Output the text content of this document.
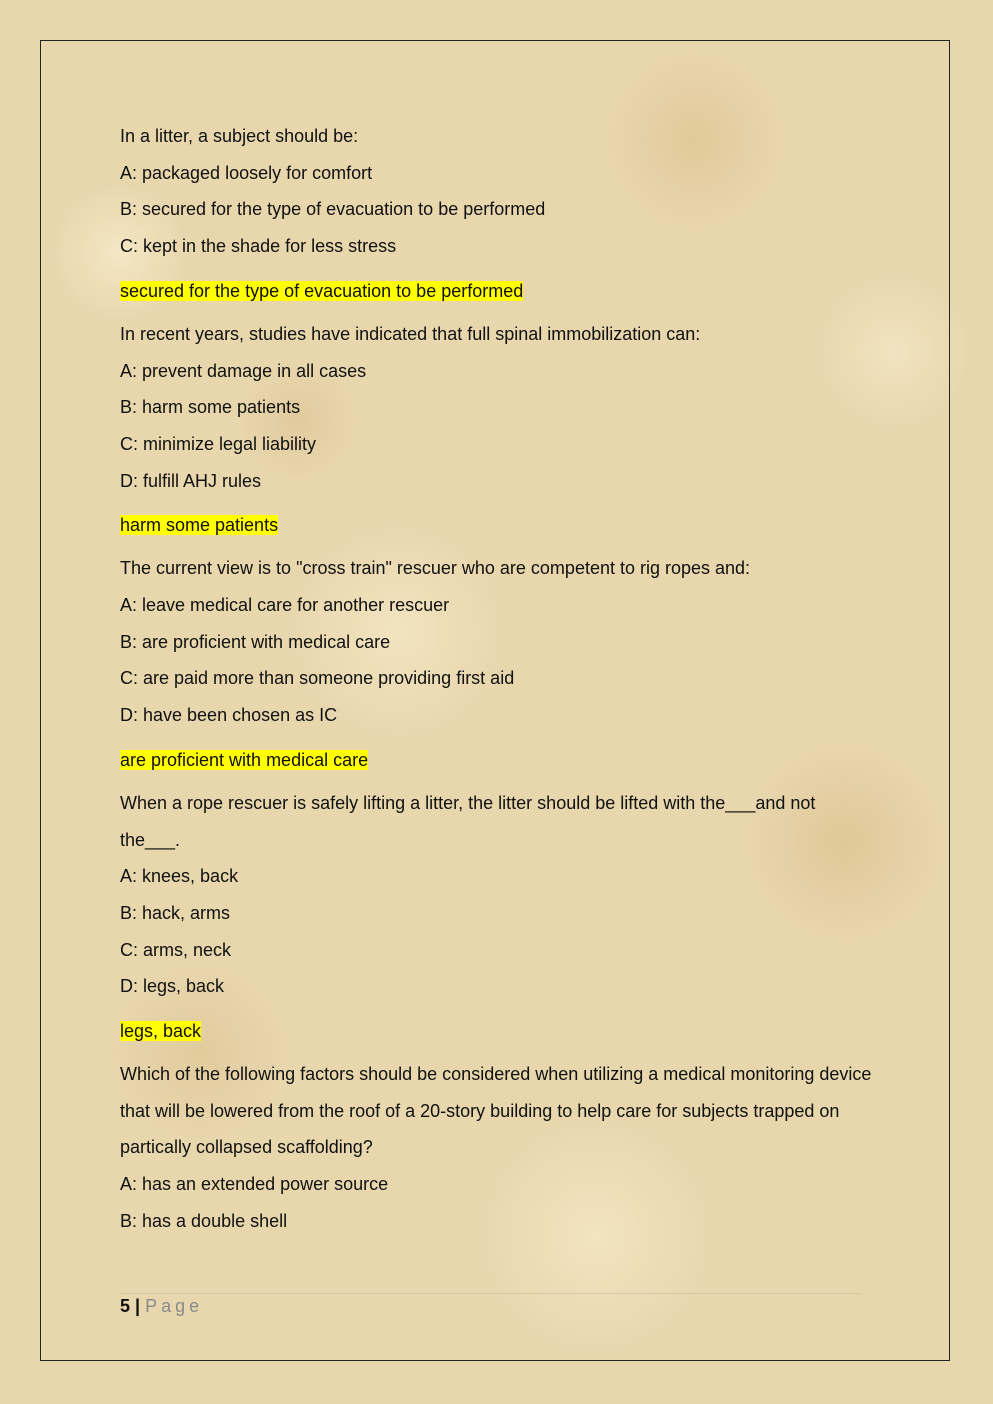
In a litter, a subject should be:

A: packaged loosely for comfort

B: secured for the type of evacuation to be performed

C: kept in the shade for less stress

secured for the type of evacuation to be performed

In recent years, studies have indicated that full spinal immobilization can:

A: prevent damage in all cases

B: harm some patients

C: minimize legal liability

D: fulfill AHJ rules

harm some patients

The current view is to "cross train" rescuer who are competent to rig ropes and:

A: leave medical care for another rescuer

B: are proficient with medical care

C: are paid more than someone providing first aid

D: have been chosen as IC

are proficient with medical care

When a rope rescuer is safely lifting a litter, the litter should be lifted with the___and not the___.

A: knees, back

B: hack, arms

C: arms, neck

D: legs, back

legs, back

Which of the following factors should be considered when utilizing a medical monitoring device that will be lowered from the roof of a 20-story building to help care for subjects trapped on partically collapsed scaffolding?

A: has an extended power source

B: has a double shell

5 | Page
